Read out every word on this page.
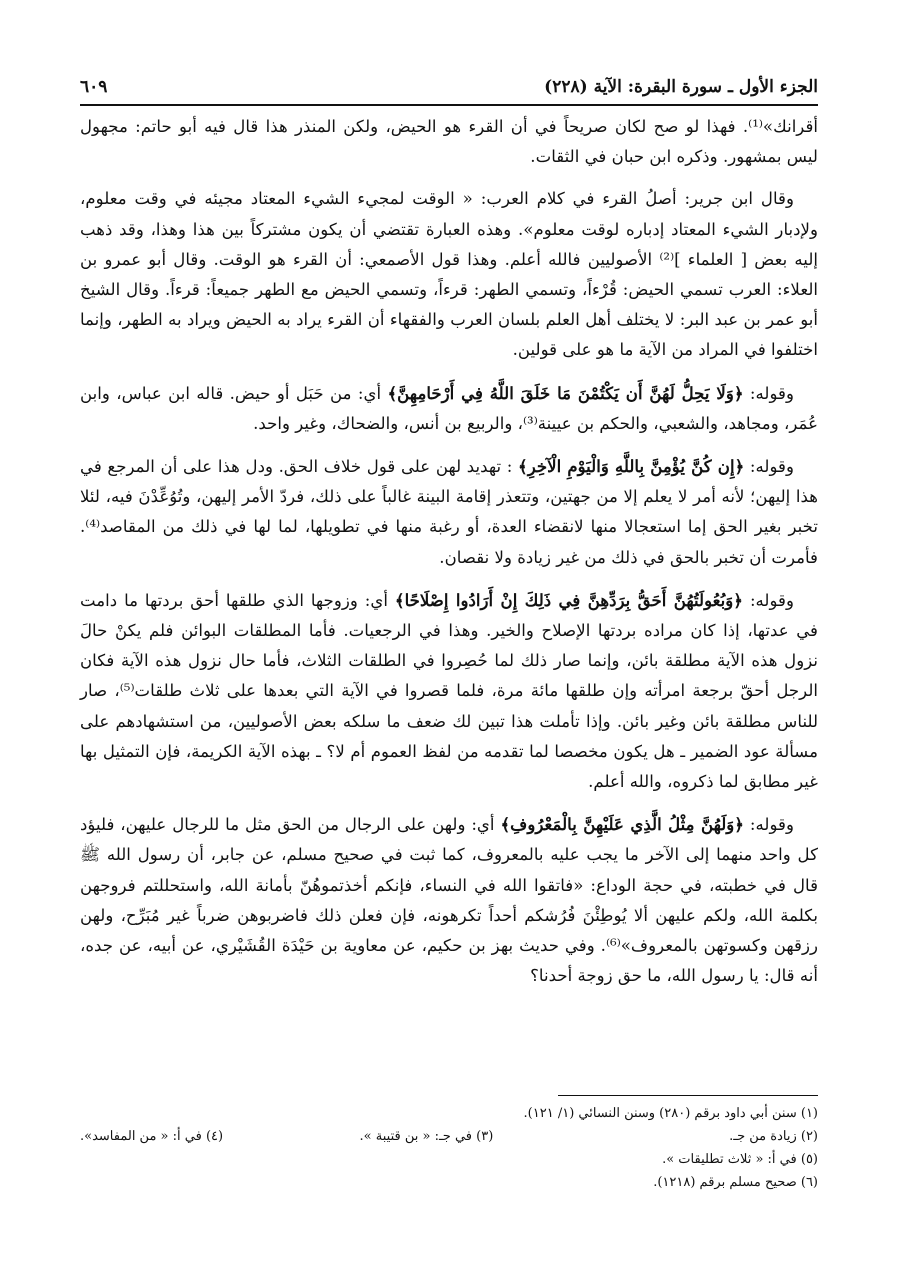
الجزء الأول ـ سورة البقرة: الآية (٢٢٨)
٦٠٩

أقرانك»⁽¹⁾. فهذا لو صح لكان صريحاً في أن القرء هو الحيض، ولكن المنذر هذا قال فيه أبو حاتم: مجهول ليس بمشهور. وذكره ابن حبان في الثقات.

وقال ابن جرير: أصلُ القرء في كلام العرب: « الوقت لمجيء الشيء المعتاد مجيئه في وقت معلوم، ولإدبار الشيء المعتاد إدباره لوقت معلوم». وهذه العبارة تقتضي أن يكون مشتركاً بين هذا وهذا، وقد ذهب إليه بعض [ العلماء ]⁽²⁾ الأصوليين فالله أعلم. وهذا قول الأصمعي: أن القرء هو الوقت. وقال أبو عمرو بن العلاء: العرب تسمي الحيض: قُرْءاً، وتسمي الطهر: قرءاً، وتسمي الحيض مع الطهر جميعاً: قرءاً. وقال الشيخ أبو عمر بن عبد البر: لا يختلف أهل العلم بلسان العرب والفقهاء أن القرء يراد به الحيض ويراد به الطهر، وإنما اختلفوا في المراد من الآية ما هو على قولين.

وقوله: ﴿وَلَا يَحِلُّ لَهُنَّ أَن يَكْتُمْنَ مَا خَلَقَ اللَّهُ فِي أَرْحَامِهِنَّ﴾ أي: من حَبَل أو حيض. قاله ابن عباس، وابن عُمَر، ومجاهد، والشعبي، والحكم بن عيينة⁽³⁾، والربيع بن أنس، والضحاك، وغير واحد.

وقوله: ﴿إِن كُنَّ يُؤْمِنَّ بِاللَّهِ وَالْيَوْمِ الْآخِرِ﴾ : تهديد لهن على قول خلاف الحق. ودل هذا على أن المرجع في هذا إليهن؛ لأنه أمر لا يعلم إلا من جهتين، وتتعذر إقامة البينة غالباً على ذلك، فردّ الأمر إليهن، وتُوُعِّدْنَ فيه، لئلا تخبر بغير الحق إما استعجالا منها لانقضاء العدة، أو رغبة منها في تطويلها، لما لها في ذلك من المقاصد⁽⁴⁾. فأمرت أن تخبر بالحق في ذلك من غير زيادة ولا نقصان.

وقوله: ﴿وَبُعُولَتُهُنَّ أَحَقُّ بِرَدِّهِنَّ فِي ذَلِكَ إِنْ أَرَادُوا إِصْلَاحًا﴾ أي: وزوجها الذي طلقها أحق بردتها ما دامت في عدتها، إذا كان مراده بردتها الإصلاح والخير. وهذا في الرجعيات. فأما المطلقات البوائن فلم يكنْ حالَ نزول هذه الآية مطلقة بائن، وإنما صار ذلك لما حُصِروا في الطلقات الثلاث، فأما حال نزول هذه الآية فكان الرجل أحقّ برجعة امرأته وإن طلقها مائة مرة، فلما قصروا في الآية التي بعدها على ثلاث طلقات⁽⁵⁾، صار للناس مطلقة بائن وغير بائن. وإذا تأملت هذا تبين لك ضعف ما سلكه بعض الأصوليين، من استشهادهم على مسألة عود الضمير ـ هل يكون مخصصا لما تقدمه من لفظ العموم أم لا؟ ـ بهذه الآية الكريمة، فإن التمثيل بها غير مطابق لما ذكروه، والله أعلم.

وقوله: ﴿وَلَهُنَّ مِثْلُ الَّذِي عَلَيْهِنَّ بِالْمَعْرُوفِ﴾ أي: ولهن على الرجال من الحق مثل ما للرجال عليهن، فليؤد كل واحد منهما إلى الآخر ما يجب عليه بالمعروف، كما ثبت في صحيح مسلم، عن جابر، أن رسول الله ﷺ قال في خطبته، في حجة الوداع: «فاتقوا الله في النساء، فإنكم أخذتموهُنّ بأمانة الله، واستحللتم فروجهن بكلمة الله، ولكم عليهن ألا يُوطِئْنَ فُرُشكم أحداً تكرهونه، فإن فعلن ذلك فاضربوهن ضرباً غير مُبَرِّح، ولهن رزقهن وكسوتهن بالمعروف»⁽⁶⁾. وفي حديث بهز بن حكيم، عن معاوية بن حَيْدَة القُشَيْري، عن أبيه، عن جده، أنه قال: يا رسول الله، ما حق زوجة أحدنا؟

(١) سنن أبي داود برقم (٢٨٠) وسنن النسائي (١/ ١٢١).
(٢) زيادة من جـ.
(٣) في جـ: « بن قتيبة ».
(٤) في أ: « من المفاسد».
(٥) في أ: « ثلاث تطليقات ».
(٦) صحيح مسلم برقم (١٢١٨).
